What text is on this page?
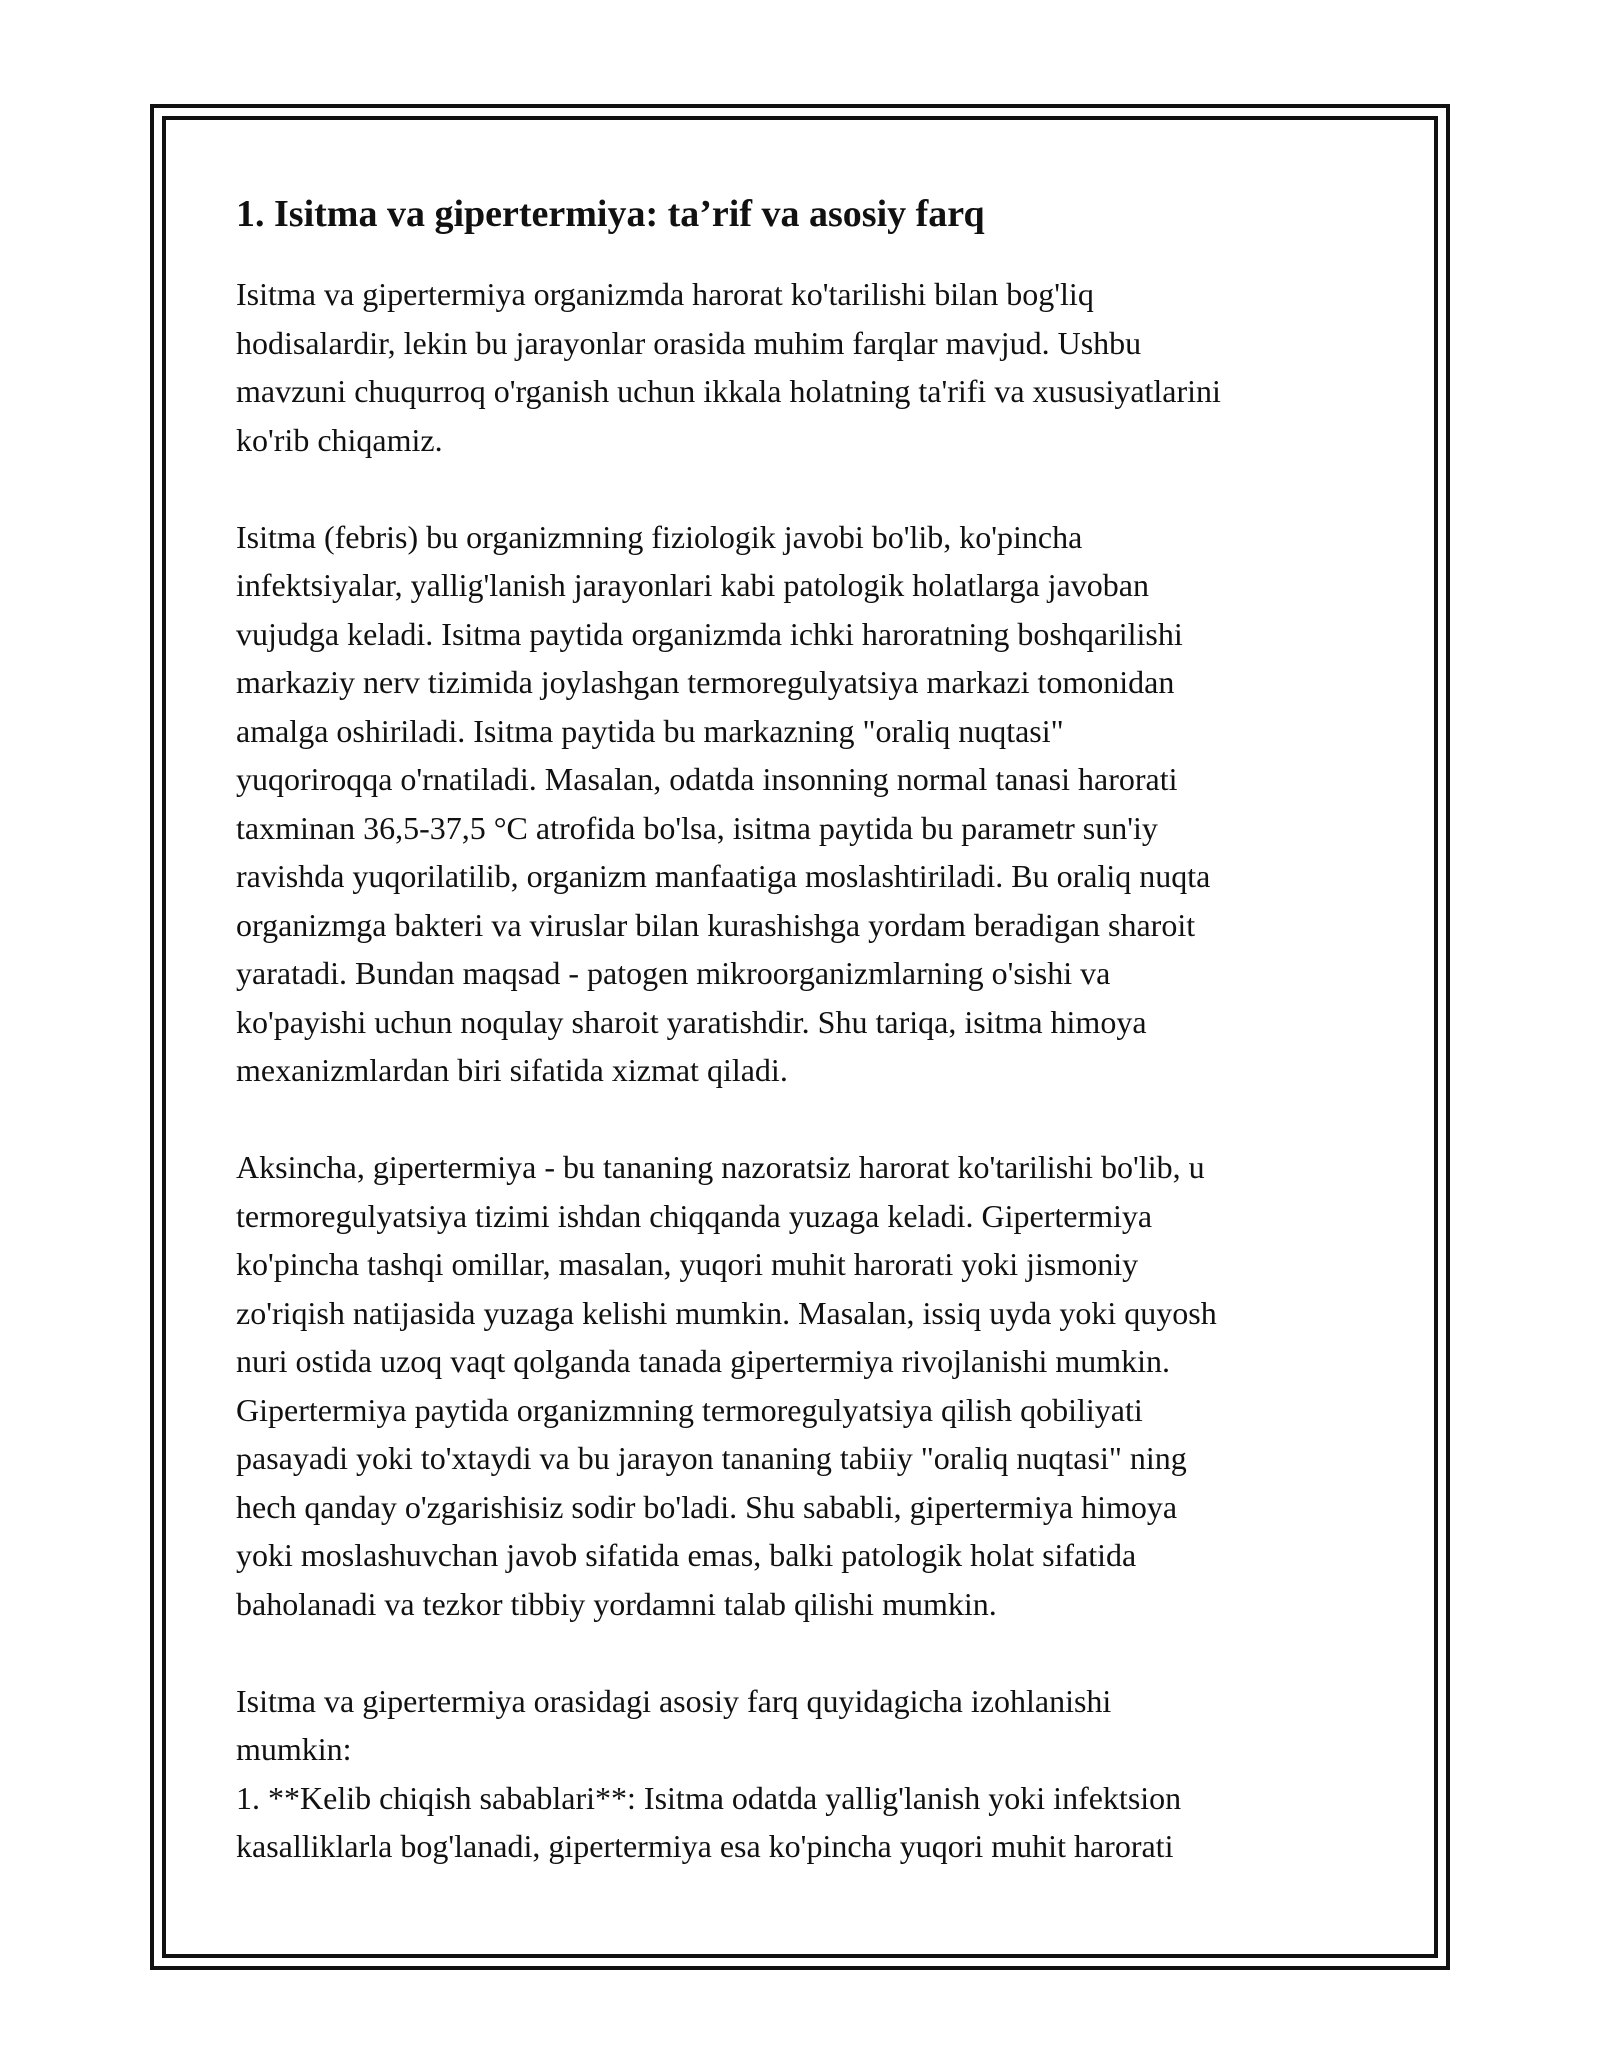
1. Isitma va gipertermiya: ta’rif va asosiy farq

Isitma va gipertermiya organizmda harorat ko'tarilishi bilan bog'liq
hodisalardir, lekin bu jarayonlar orasida muhim farqlar mavjud. Ushbu
mavzuni chuqurroq o'rganish uchun ikkala holatning ta'rifi va xususiyatlarini
ko'rib chiqamiz.

Isitma (febris) bu organizmning fiziologik javobi bo'lib, ko'pincha
infektsiyalar, yallig'lanish jarayonlari kabi patologik holatlarga javoban
vujudga keladi. Isitma paytida organizmda ichki haroratning boshqarilishi
markaziy nerv tizimida joylashgan termoregulyatsiya markazi tomonidan
amalga oshiriladi. Isitma paytida bu markazning "oraliq nuqtasi"
yuqoriroqqa o'rnatiladi. Masalan, odatda insonning normal tanasi harorati
taxminan 36,5-37,5 °C atrofida bo'lsa, isitma paytida bu parametr sun'iy
ravishda yuqorilatilib, organizm manfaatiga moslashtiriladi. Bu oraliq nuqta
organizmga bakteri va viruslar bilan kurashishga yordam beradigan sharoit
yaratadi. Bundan maqsad - patogen mikroorganizmlarning o'sishi va
ko'payishi uchun noqulay sharoit yaratishdir. Shu tariqa, isitma himoya
mexanizmlardan biri sifatida xizmat qiladi.

Aksincha, gipertermiya - bu tananing nazoratsiz harorat ko'tarilishi bo'lib, u
termoregulyatsiya tizimi ishdan chiqqanda yuzaga keladi. Gipertermiya
ko'pincha tashqi omillar, masalan, yuqori muhit harorati yoki jismoniy
zo'riqish natijasida yuzaga kelishi mumkin. Masalan, issiq uyda yoki quyosh
nuri ostida uzoq vaqt qolganda tanada gipertermiya rivojlanishi mumkin.
Gipertermiya paytida organizmning termoregulyatsiya qilish qobiliyati
pasayadi yoki to'xtaydi va bu jarayon tananing tabiiy "oraliq nuqtasi" ning
hech qanday o'zgarishisiz sodir bo'ladi. Shu sababli, gipertermiya himoya
yoki moslashuvchan javob sifatida emas, balki patologik holat sifatida
baholanadi va tezkor tibbiy yordamni talab qilishi mumkin.

Isitma va gipertermiya orasidagi asosiy farq quyidagicha izohlanishi
mumkin:

1. **Kelib chiqish sabablari**: Isitma odatda yallig'lanish yoki infektsion
kasalliklarla bog'lanadi, gipertermiya esa ko'pincha yuqori muhit harorati
